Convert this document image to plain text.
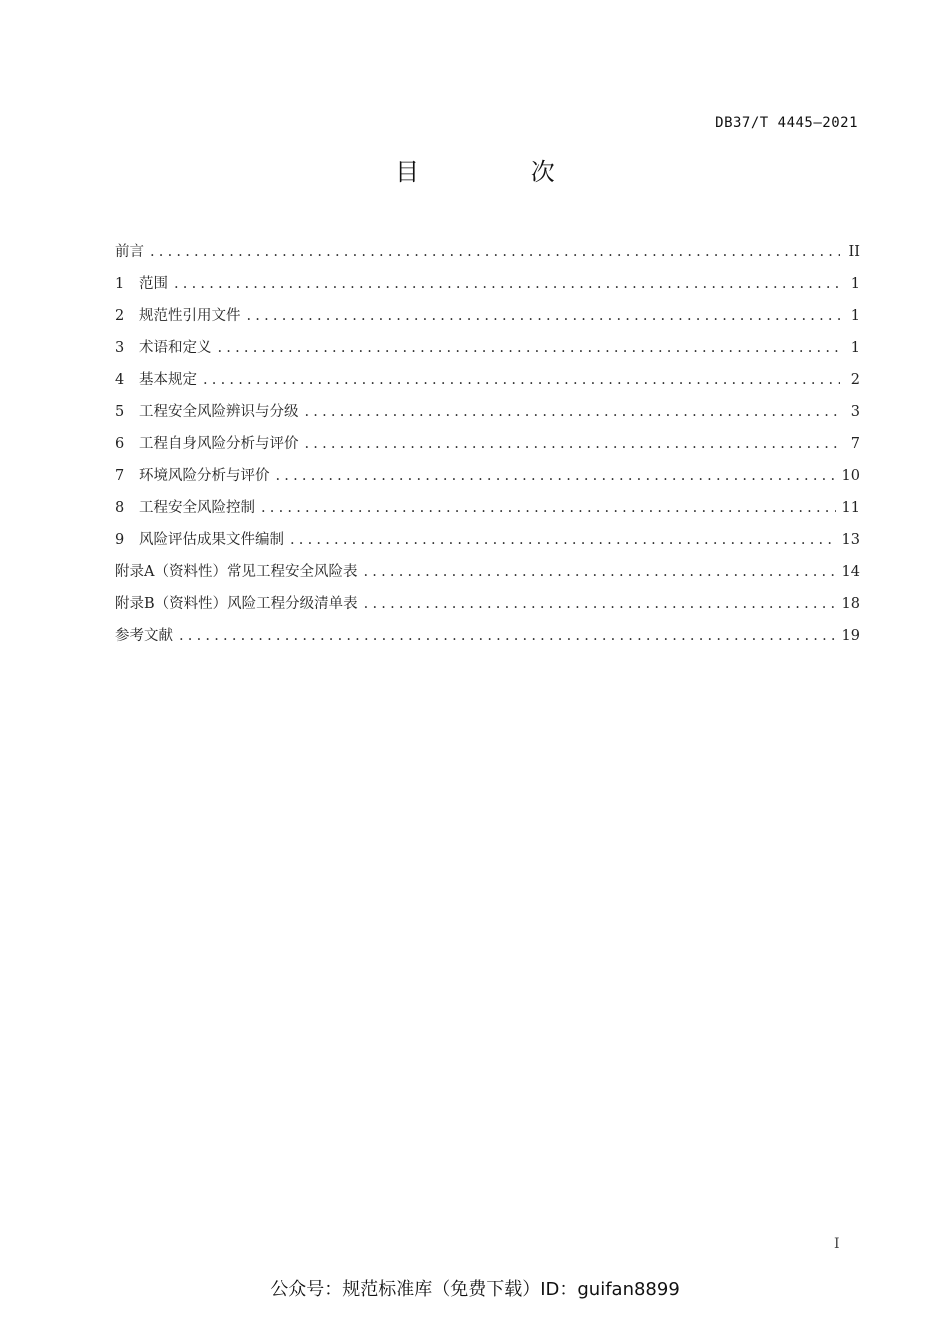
DB37/T 4445—2021
目 次
前言 .....	II
1	范围 .....	1
2	规范性引用文件 .....	1
3	术语和定义 .....	1
4	基本规定 .....	2
5	工程安全风险辨识与分级 .....	3
6	工程自身风险分析与评价 .....	7
7	环境风险分析与评价 .....	10
8	工程安全风险控制 .....	11
9	风险评估成果文件编制 .....	13
附录A（资料性）常见工程安全风险表 .....	14
附录B（资料性）风险工程分级清单表 .....	18
参考文献 .....	19
I
公众号：规范标准库（免费下载）ID：guifan8899
